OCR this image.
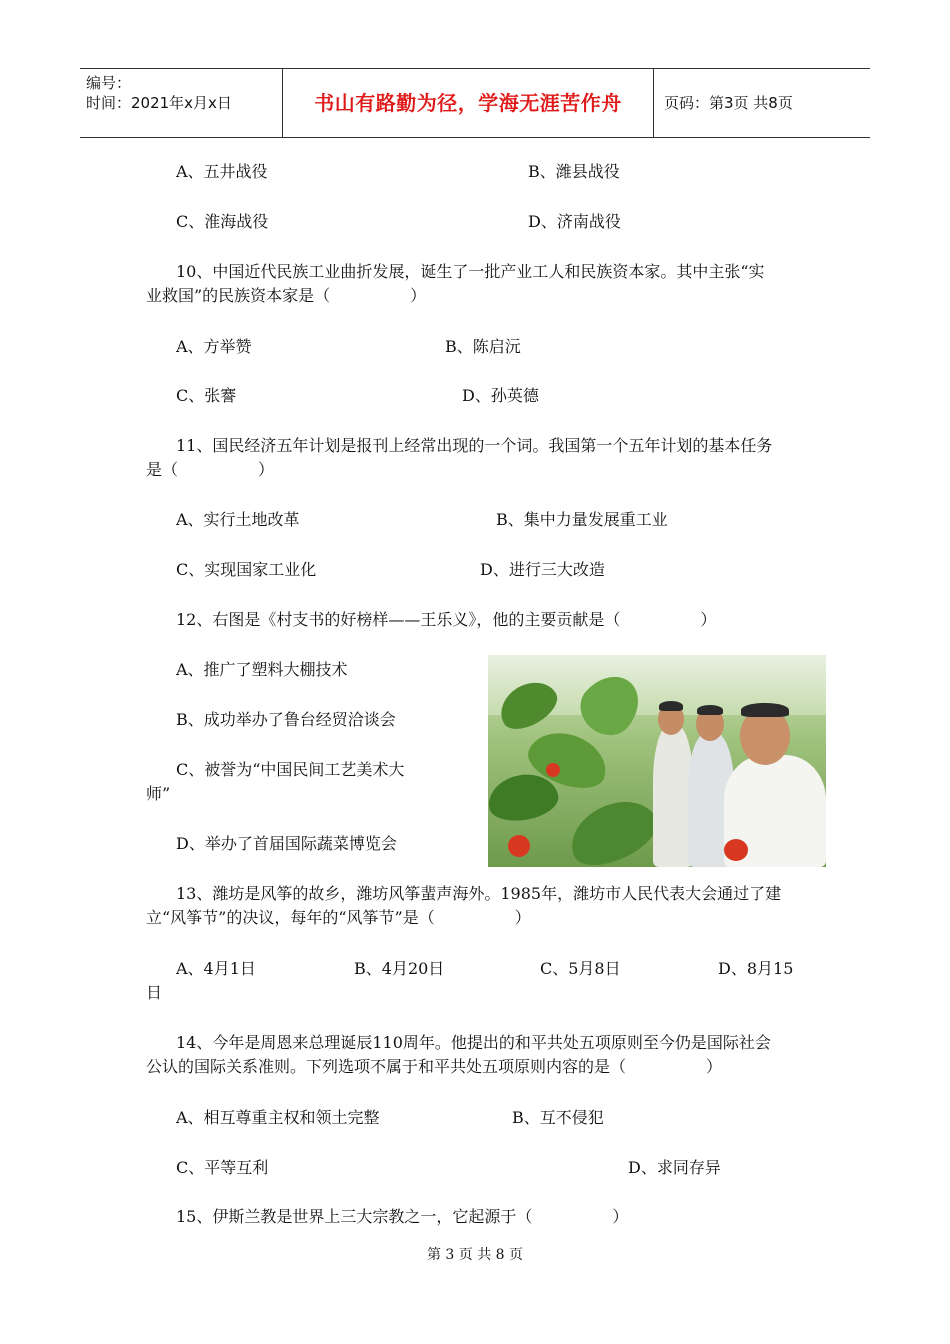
编号：
时间：2021年x月x日	书山有路勤为径，学海无涯苦作舟	页码：第3页 共8页
A、五井战役	B、潍县战役
C、淮海战役	D、济南战役
10、中国近代民族工业曲折发展，诞生了一批产业工人和民族资本家。其中主张“实
业救国”的民族资本家是（　　　　　）
A、方举赞	B、陈启沅
C、张謇	D、孙英德
11、国民经济五年计划是报刊上经常出现的一个词。我国第一个五年计划的基本任务
是（　　　　　）
A、实行土地改革	B、集中力量发展重工业
C、实现国家工业化	D、进行三大改造
12、右图是《村支书的好榜样——王乐义》，他的主要贡献是（　　　　　）
A、推广了塑料大棚技术
B、成功举办了鲁台经贸洽谈会
C、被誉为“中国民间工艺美术大
师”
D、举办了首届国际蔬菜博览会
13、潍坊是风筝的故乡，潍坊风筝蜚声海外。1985年，潍坊市人民代表大会通过了建
立“风筝节”的决议，每年的“风筝节”是（　　　　　）
A、4月1日	B、4月20日	C、5月8日	D、8月15
日
14、今年是周恩来总理诞辰110周年。他提出的和平共处五项原则至今仍是国际社会
公认的国际关系准则。下列选项不属于和平共处五项原则内容的是（　　　　　）
A、相互尊重主权和领土完整	B、互不侵犯
C、平等互利	D、求同存异
15、伊斯兰教是世界上三大宗教之一，它起源于（　　　　　）
第 3 页 共 8 页
